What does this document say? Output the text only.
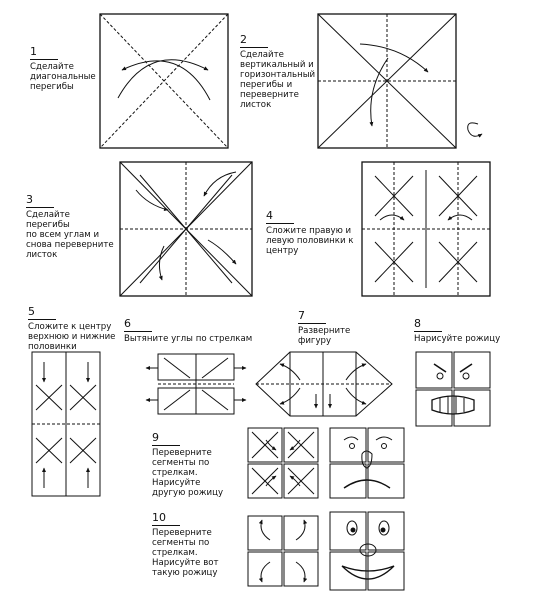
1
Сделайте
диагональные
перегибы
2
Сделайте
вертикальный и
горизонтальный
перегибы и
переверните
листок
3
Сделайте перегибы
по всем углам и
снова переверните
листок
4
Сложите правую и
левую половинки к
центру
5
Сложите к центру
верхнюю и нижние
половинки
6
Вытяните углы по стрелкам
7
Разверните
фигуру
8
Нарисуйте рожицу
9
Переверните
сегменты по
стрелкам.
Нарисуйте
другую рожицу
10
Переверните
сегменты по
стрелкам.
Нарисуйте вот
такую рожицу
